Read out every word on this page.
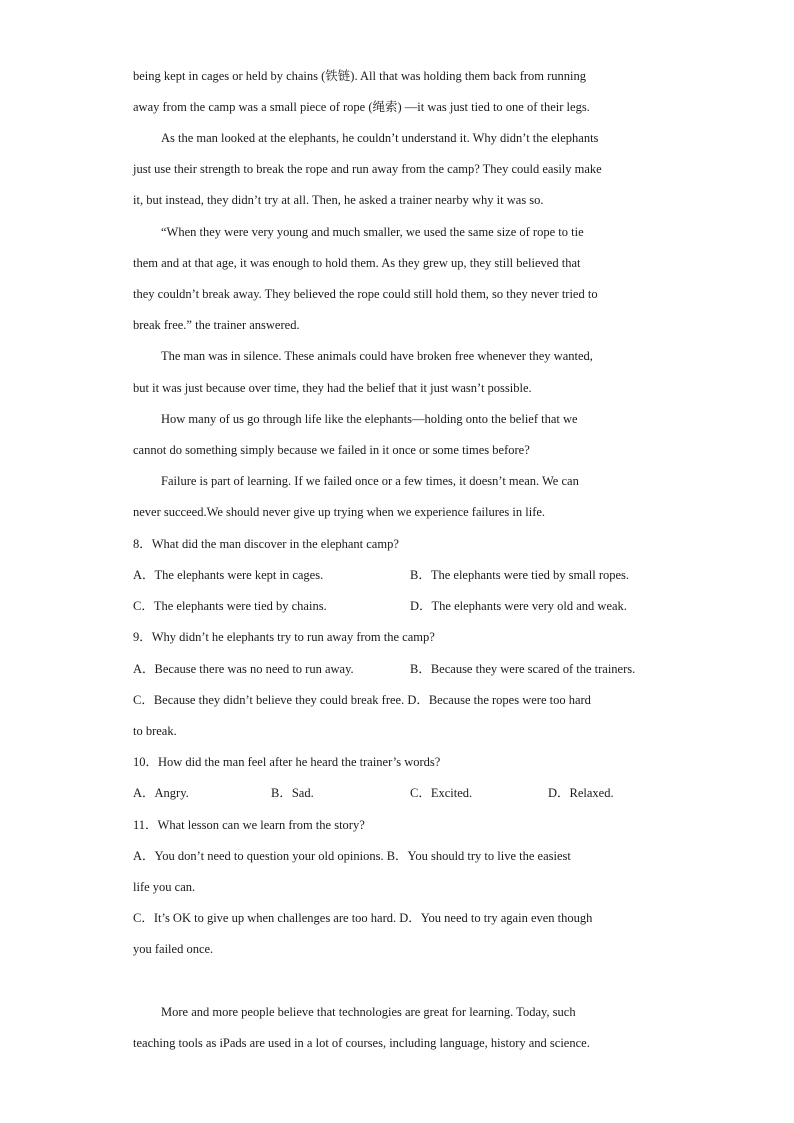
being kept in cages or held by chains (铁链). All that was holding them back from running
away from the camp was a small piece of rope (绳索) —it was just tied to one of their legs.
As the man looked at the elephants, he couldn’t understand it. Why didn’t the elephants
just use their strength to break the rope and run away from the camp? They could easily make
it, but instead, they didn’t try at all. Then, he asked a trainer nearby why it was so.
“When they were very young and much smaller, we used the same size of rope to tie
them and at that age, it was enough to hold them. As they grew up, they still believed that
they couldn’t break away. They believed the rope could still hold them, so they never tried to
break free.” the trainer answered.
The man was in silence. These animals could have broken free whenever they wanted,
but it was just because over time, they had the belief that it just wasn’t possible.
How many of us go through life like the elephants—holding onto the belief that we
cannot do something simply because we failed in it once or some times before?
Failure is part of learning. If we failed once or a few times, it doesn’t mean. We can
never succeed.We should never give up trying when we experience failures in life.
8．What did the man discover in the elephant camp?
A．The elephants were kept in cages.	B．The elephants were tied by small ropes.
C．The elephants were tied by chains.	D．The elephants were very old and weak.
9．Why didn’t he elephants try to run away from the camp?
A．Because there was no need to run away.	B．Because they were scared of the trainers.
C．Because they didn’t believe they could break free. D．Because the ropes were too hard
to break.
10．How did the man feel after he heard the trainer’s words?
A．Angry.	B．Sad.	C．Excited.	D．Relaxed.
11．What lesson can we learn from the story?
A．You don’t need to question your old opinions. B．You should try to live the easiest
life you can.
C．It’s OK to give up when challenges are too hard. D．You need to try again even though
you failed once.
More and more people believe that technologies are great for learning. Today, such
teaching tools as iPads are used in a lot of courses, including language, history and science.
